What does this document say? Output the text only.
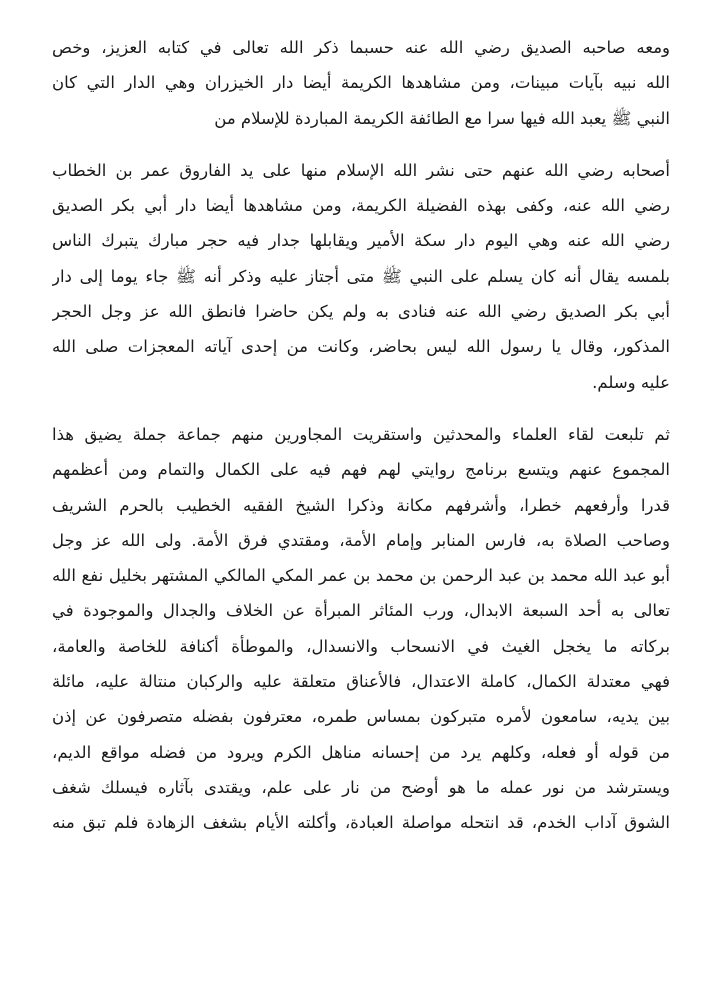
ومعه صاحبه الصديق رضي الله عنه حسبما ذكر الله تعالى في كتابه العزيز، وخص
الله نبيه بآيات مبينات، ومن مشاهدها الكريمة أيضا دار الخيزران وهي الدار التي كان
النبي ﷺ يعبد الله فيها سرا مع الطائفة الكريمة المباردة للإسلام من
أصحابه رضي الله عنهم حتى نشر الله الإسلام منها على يد الفاروق عمر بن الخطاب
رضي الله عنه، وكفى بهذه الفضيلة الكريمة، ومن مشاهدها أيضا دار أبي بكر الصديق
رضي الله عنه وهي اليوم دار سكة الأمير ويقابلها جدار فيه حجر مبارك يتبرك الناس
بلمسه يقال أنه كان يسلم على النبي ﷺ متى أجتاز عليه وذكر أنه ﷺ جاء يوما إلى دار
أبي بكر الصديق رضي الله عنه فنادى به ولم يكن حاضرا فانطق الله عز وجل الحجر
المذكور، وقال يا رسول الله ليس بحاضر، وكانت من إحدى آياته المعجزات صلى الله
عليه وسلم.
ثم تلبعت لقاء العلماء والمحدثين واستقريت المجاورين منهم جماعة جملة يضيق هذا
المجموع عنهم ويتسع برنامج روايتي لهم فهم فيه على الكمال والتمام ومن أعظمهم
قدرا وأرفعهم خطرا، وأشرفهم مكانة وذكرا الشيخ الفقيه الخطيب بالحرم الشريف
وصاحب الصلاة به، فارس المنابر وإمام الأمة، ومقتدي فرق الأمة. ولى الله عز وجل
أبو عبد الله محمد بن عبد الرحمن بن محمد بن عمر المكي المالكي المشتهر بخليل نفع الله
تعالى به أحد السبعة الابدال، ورب المئاثر المبرأة عن الخلاف والجدال والموجودة في
بركاته ما يخجل الغيث في الانسحاب والانسدال، والموطأة أكنافة للخاصة والعامة،
فهي معتدلة الكمال، كاملة الاعتدال، فالأعناق متعلقة عليه والركبان منتالة عليه، مائلة
بين يديه، سامعون لأمره متبركون بمساس طمره، معترفون بفضله متصرفون عن إذن
من قوله أو فعله، وكلهم يرد من إحسانه مناهل الكرم ويرود من فضله مواقع الديم،
ويسترشد من نور عمله ما هو أوضح من نار على علم، ويقتدى بآثاره فيسلك شغف
الشوق آداب الخدم، قد انتحله مواصلة العبادة، وأكلته الأيام بشغف الزهادة فلم تبق منه
